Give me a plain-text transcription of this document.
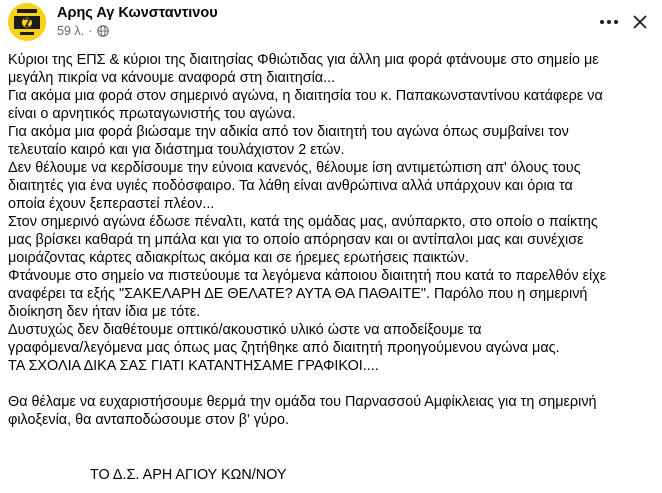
Αρης Αγ Κωνσταντινου
59 λ. ·

Κύριοι της ΕΠΣ & κύριοι της διαιτησίας Φθιώτιδας για άλλη μια φορά φτάνουμε στο σημείο με

μεγάλη πικρία να κάνουμε αναφορά στη διαιτησία...

Για ακόμα μια φορά στον σημερινό αγώνα, η διαιτησία του κ. Παπακωνσταντίνου κατάφερε να

είναι ο αρνητικός πρωταγωνιστής του αγώνα.

Για ακόμα μια φορά βιώσαμε την αδικία από τον διαιτητή του αγώνα όπως συμβαίνει τον

τελευταίο καιρό και για διάστημα τουλάχιστον 2 ετών.

Δεν θέλουμε να κερδίσουμε την εύνοια κανενός, θέλουμε ίση αντιμετώπιση απ' όλους τους

διαιτητές για ένα υγιές ποδόσφαιρο. Τα λάθη είναι ανθρώπινα αλλά υπάρχουν και όρια τα

οποία έχουν ξεπεραστεί πλέον...

Στον σημερινό αγώνα έδωσε πέναλτι, κατά της ομάδας μας, ανύπαρκτο, στο οποίο ο παίκτης

μας βρίσκει καθαρά τη μπάλα και για το οποίο απόρησαν και οι αντίπαλοι μας και συνέχισε

μοιράζοντας κάρτες αδιακρίτως ακόμα και σε ήρεμες ερωτήσεις παικτών.

Φτάνουμε στο σημείο να πιστεύουμε τα λεγόμενα κάποιου διαιτητή που κατά το παρελθόν είχε

αναφέρει τα εξής "ΣΑΚΕΛΑΡΗ ΔΕ ΘΕΛΑΤΕ? ΑΥΤΑ ΘΑ ΠΑΘΑΙΤΕ". Παρόλο που η σημερινή

διοίκηση δεν ήταν ίδια με τότε.

Δυστυχώς δεν διαθέτουμε οπτικό/ακουστικό υλικό ώστε να αποδείξουμε τα

γραφόμενα/λεγόμενα μας όπως μας ζητήθηκε από διαιτητή προηγούμενου αγώνα μας.

ΤΑ ΣΧΟΛΙΑ ΔΙΚΑ ΣΑΣ ΓΙΑΤΙ ΚΑΤΑΝΤΗΣΑΜΕ ΓΡΑΦΙΚΟΙ....

Θα θέλαμε να ευχαριστήσουμε θερμά την ομάδα του Παρνασσού Αμφίκλειας για τη σημερινή

φιλοξενία, θα ανταποδώσουμε στον β' γύρο.

ΤΟ Δ.Σ. ΑΡΗ ΑΓΙΟΥ ΚΩΝ/ΝΟΥ
